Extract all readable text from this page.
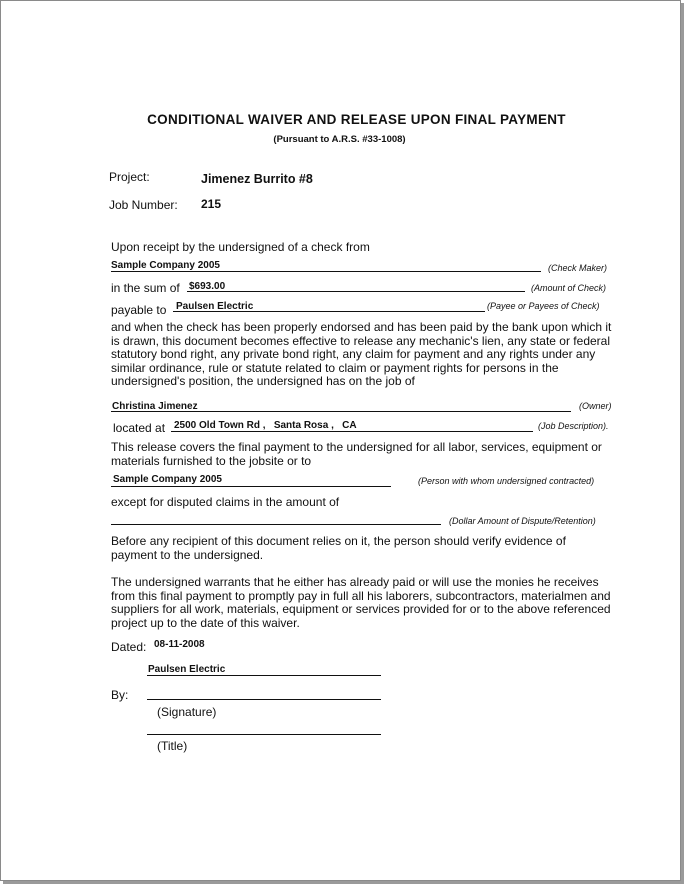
CONDITIONAL WAIVER AND RELEASE UPON FINAL PAYMENT
(Pursuant to A.R.S. #33-1008)
Project:	Jimenez Burrito #8
Job Number: 215
Upon receipt by the undersigned of a check from
Sample Company 2005	(Check Maker)
in the sum of $693.00	(Amount of Check)
payable to Paulsen Electric	(Payee or Payees of Check)
and when the check has been properly endorsed and has been paid by the bank upon which it is drawn, this document becomes effective to release any mechanic's lien, any state or federal statutory bond right, any private bond right, any claim for payment and any rights under any similar ordinance, rule or statute related to claim or payment rights for persons in the undersigned's position, the undersigned has on the job of
Christina Jimenez	(Owner)
located at 2500 Old Town Rd ,   Santa Rosa ,   CA	(Job Description).
This release covers the final payment to the undersigned for all labor, services, equipment or materials furnished to the jobsite or to
Sample Company 2005	(Person with whom undersigned contracted)
except for disputed claims in the amount of
(Dollar Amount of Dispute/Retention)
Before any recipient of this document relies on it, the person should verify evidence of payment to the undersigned.
The undersigned warrants that he either has already paid or will use the monies he receives from this final payment to promptly pay in full all his laborers, subcontractors, materialmen and suppliers for all work, materials, equipment or services provided for or to the above referenced project up to the date of this waiver.
Dated: 08-11-2008
Paulsen Electric
By:
(Signature)
(Title)
